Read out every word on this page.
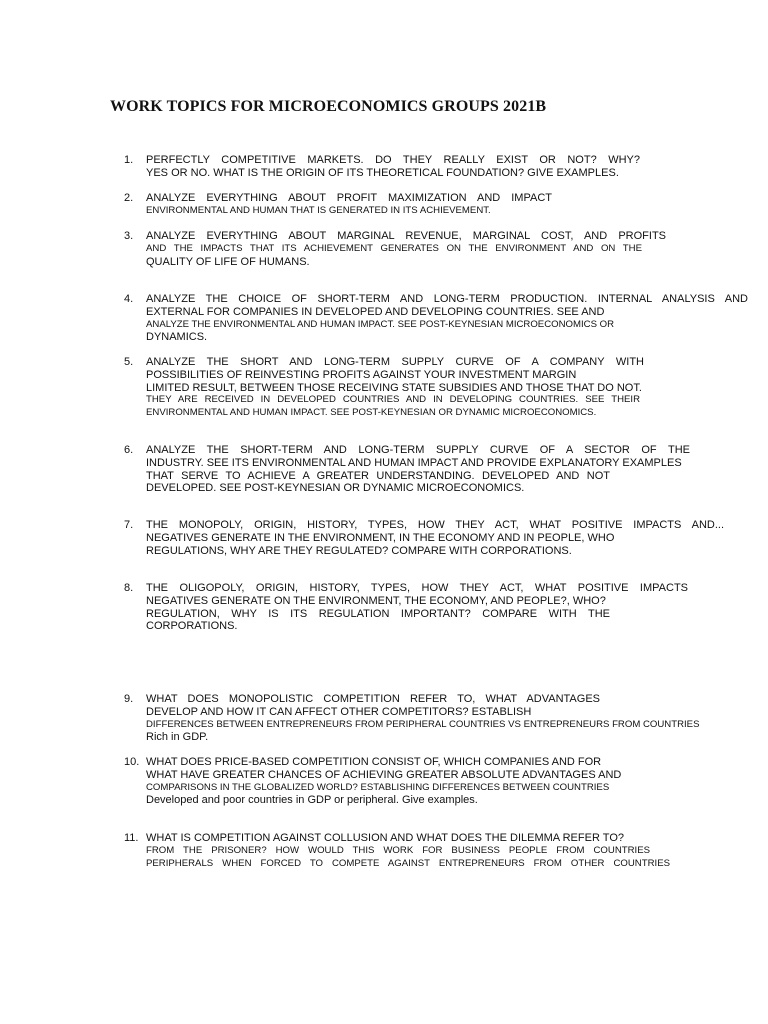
WORK TOPICS FOR MICROECONOMICS GROUPS 2021B
1. PERFECTLY COMPETITIVE MARKETS. DO THEY REALLY EXIST OR NOT? WHY?
YES OR NO. WHAT IS THE ORIGIN OF ITS THEORETICAL FOUNDATION? GIVE EXAMPLES.
2. ANALYZE EVERYTHING ABOUT PROFIT MAXIMIZATION AND IMPACT
ENVIRONMENTAL AND HUMAN THAT IS GENERATED IN ITS ACHIEVEMENT.
3. ANALYZE EVERYTHING ABOUT MARGINAL REVENUE, MARGINAL COST, AND PROFITS
AND THE IMPACTS THAT ITS ACHIEVEMENT GENERATES ON THE ENVIRONMENT AND ON THE
QUALITY OF LIFE OF HUMANS.
4. ANALYZE THE CHOICE OF SHORT-TERM AND LONG-TERM PRODUCTION. INTERNAL ANALYSIS AND
EXTERNAL FOR COMPANIES IN DEVELOPED AND DEVELOPING COUNTRIES. SEE AND
ANALYZE THE ENVIRONMENTAL AND HUMAN IMPACT. SEE POST-KEYNESIAN MICROECONOMICS OR
DYNAMICS.
5. ANALYZE THE SHORT AND LONG-TERM SUPPLY CURVE OF A COMPANY WITH
POSSIBILITIES OF REINVESTING PROFITS AGAINST YOUR INVESTMENT MARGIN
LIMITED RESULT, BETWEEN THOSE RECEIVING STATE SUBSIDIES AND THOSE THAT DO NOT.
THEY ARE RECEIVED IN DEVELOPED COUNTRIES AND IN DEVELOPING COUNTRIES. SEE THEIR
ENVIRONMENTAL AND HUMAN IMPACT. SEE POST-KEYNESIAN OR DYNAMIC MICROECONOMICS.
6. ANALYZE THE SHORT-TERM AND LONG-TERM SUPPLY CURVE OF A SECTOR OF THE
INDUSTRY. SEE ITS ENVIRONMENTAL AND HUMAN IMPACT AND PROVIDE EXPLANATORY EXAMPLES
THAT SERVE TO ACHIEVE A GREATER UNDERSTANDING. DEVELOPED AND NOT
DEVELOPED. SEE POST-KEYNESIAN OR DYNAMIC MICROECONOMICS.
7. THE MONOPOLY, ORIGIN, HISTORY, TYPES, HOW THEY ACT, WHAT POSITIVE IMPACTS AND...
NEGATIVES GENERATE IN THE ENVIRONMENT, IN THE ECONOMY AND IN PEOPLE, WHO
REGULATIONS, WHY ARE THEY REGULATED? COMPARE WITH CORPORATIONS.
8. THE OLIGOPOLY, ORIGIN, HISTORY, TYPES, HOW THEY ACT, WHAT POSITIVE IMPACTS
NEGATIVES GENERATE ON THE ENVIRONMENT, THE ECONOMY, AND PEOPLE?, WHO?
REGULATION, WHY IS ITS REGULATION IMPORTANT? COMPARE WITH THE
CORPORATIONS.
9. WHAT DOES MONOPOLISTIC COMPETITION REFER TO, WHAT ADVANTAGES
DEVELOP AND HOW IT CAN AFFECT OTHER COMPETITORS? ESTABLISH
DIFFERENCES BETWEEN ENTREPRENEURS FROM PERIPHERAL COUNTRIES VS ENTREPRENEURS FROM COUNTRIES
Rich in GDP.
10. WHAT DOES PRICE-BASED COMPETITION CONSIST OF, WHICH COMPANIES AND FOR
WHAT HAVE GREATER CHANCES OF ACHIEVING GREATER ABSOLUTE ADVANTAGES AND
COMPARISONS IN THE GLOBALIZED WORLD? ESTABLISHING DIFFERENCES BETWEEN COUNTRIES
Developed and poor countries in GDP or peripheral. Give examples.
11. WHAT IS COMPETITION AGAINST COLLUSION AND WHAT DOES THE DILEMMA REFER TO?
FROM THE PRISONER? HOW WOULD THIS WORK FOR BUSINESS PEOPLE FROM COUNTRIES
PERIPHERALS WHEN FORCED TO COMPETE AGAINST ENTREPRENEURS FROM OTHER COUNTRIES
